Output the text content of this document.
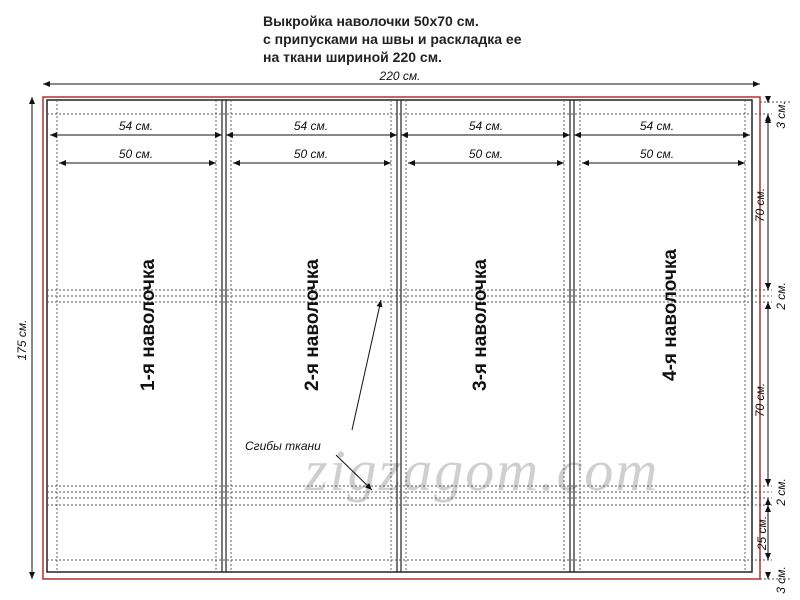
Выкройка наволочки 50х70 см.
с припусками на швы и раскладка ее
на ткани шириной 220 см.
zigzagom.com
220 см.
175 см.
54 см.
50 см.
54 см.
50 см.
54 см.
50 см.
54 см.
50 см.
1-я наволочка	2-я наволочка	3-я наволочка	4-я наволочка
Сгибы ткани
3 см.
70 см.
2 см.
70 см.
2 см.
25 см.
3 см.
